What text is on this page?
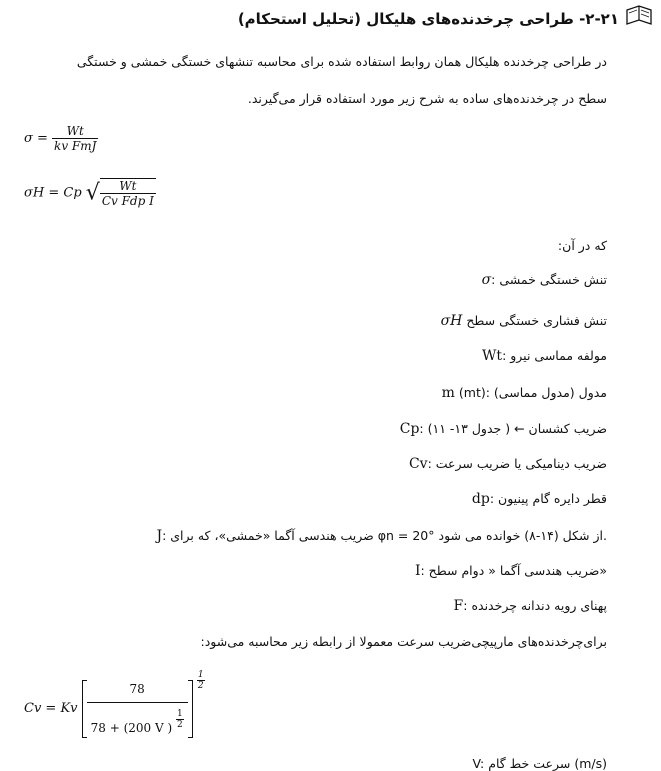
۲-۲۱- طراحی چرخدنده‌های هلیکال (تحلیل استحکام)
در طراحی چرخدنده هلیکال همان روابط استفاده شده برای محاسبه تنشهای خستگی خمشی و خستگی
سطح در چرخدنده‌های ساده به شرح زیر مورد استفاده قرار می‌گیرند.
$\sigma = \frac{Wt}{\text{kv FmJ}}$
σH = Cp √ $\frac{Wt}{\text{Cv Fdp I}}$
که در آن:
σ: تنش خستگی خمشی
σH تنش فشاری خستگی سطح
Wt: مولفه مماسی نیرو
m (mt): مدول (مدول مماسی)
Cp: ضریب کشسان ← ( جدول ۱۳- ۱۱)
Cv: ضریب دینامیکی یا ضریب سرعت
dp: قطر دایره گام پینیون
J: ضریب هندسی آگما «خمشی»، که برای φn = 20° از شکل (۱۴-۸) خوانده می شود.
I: ضریب هندسی آگما « دوام سطح»
F: پهنای رویه دندانه چرخدنده
برای‌چرخدنده‌های مارپیچی‌ضریب سرعت معمولا از رابطه زیر محاسبه می‌شود:
Cv = Kv $\frac{78}{78 + (200 V ) \frac{1}{2}}$
$\frac{1}{2}$
V: سرعت خط گام (m/s)
